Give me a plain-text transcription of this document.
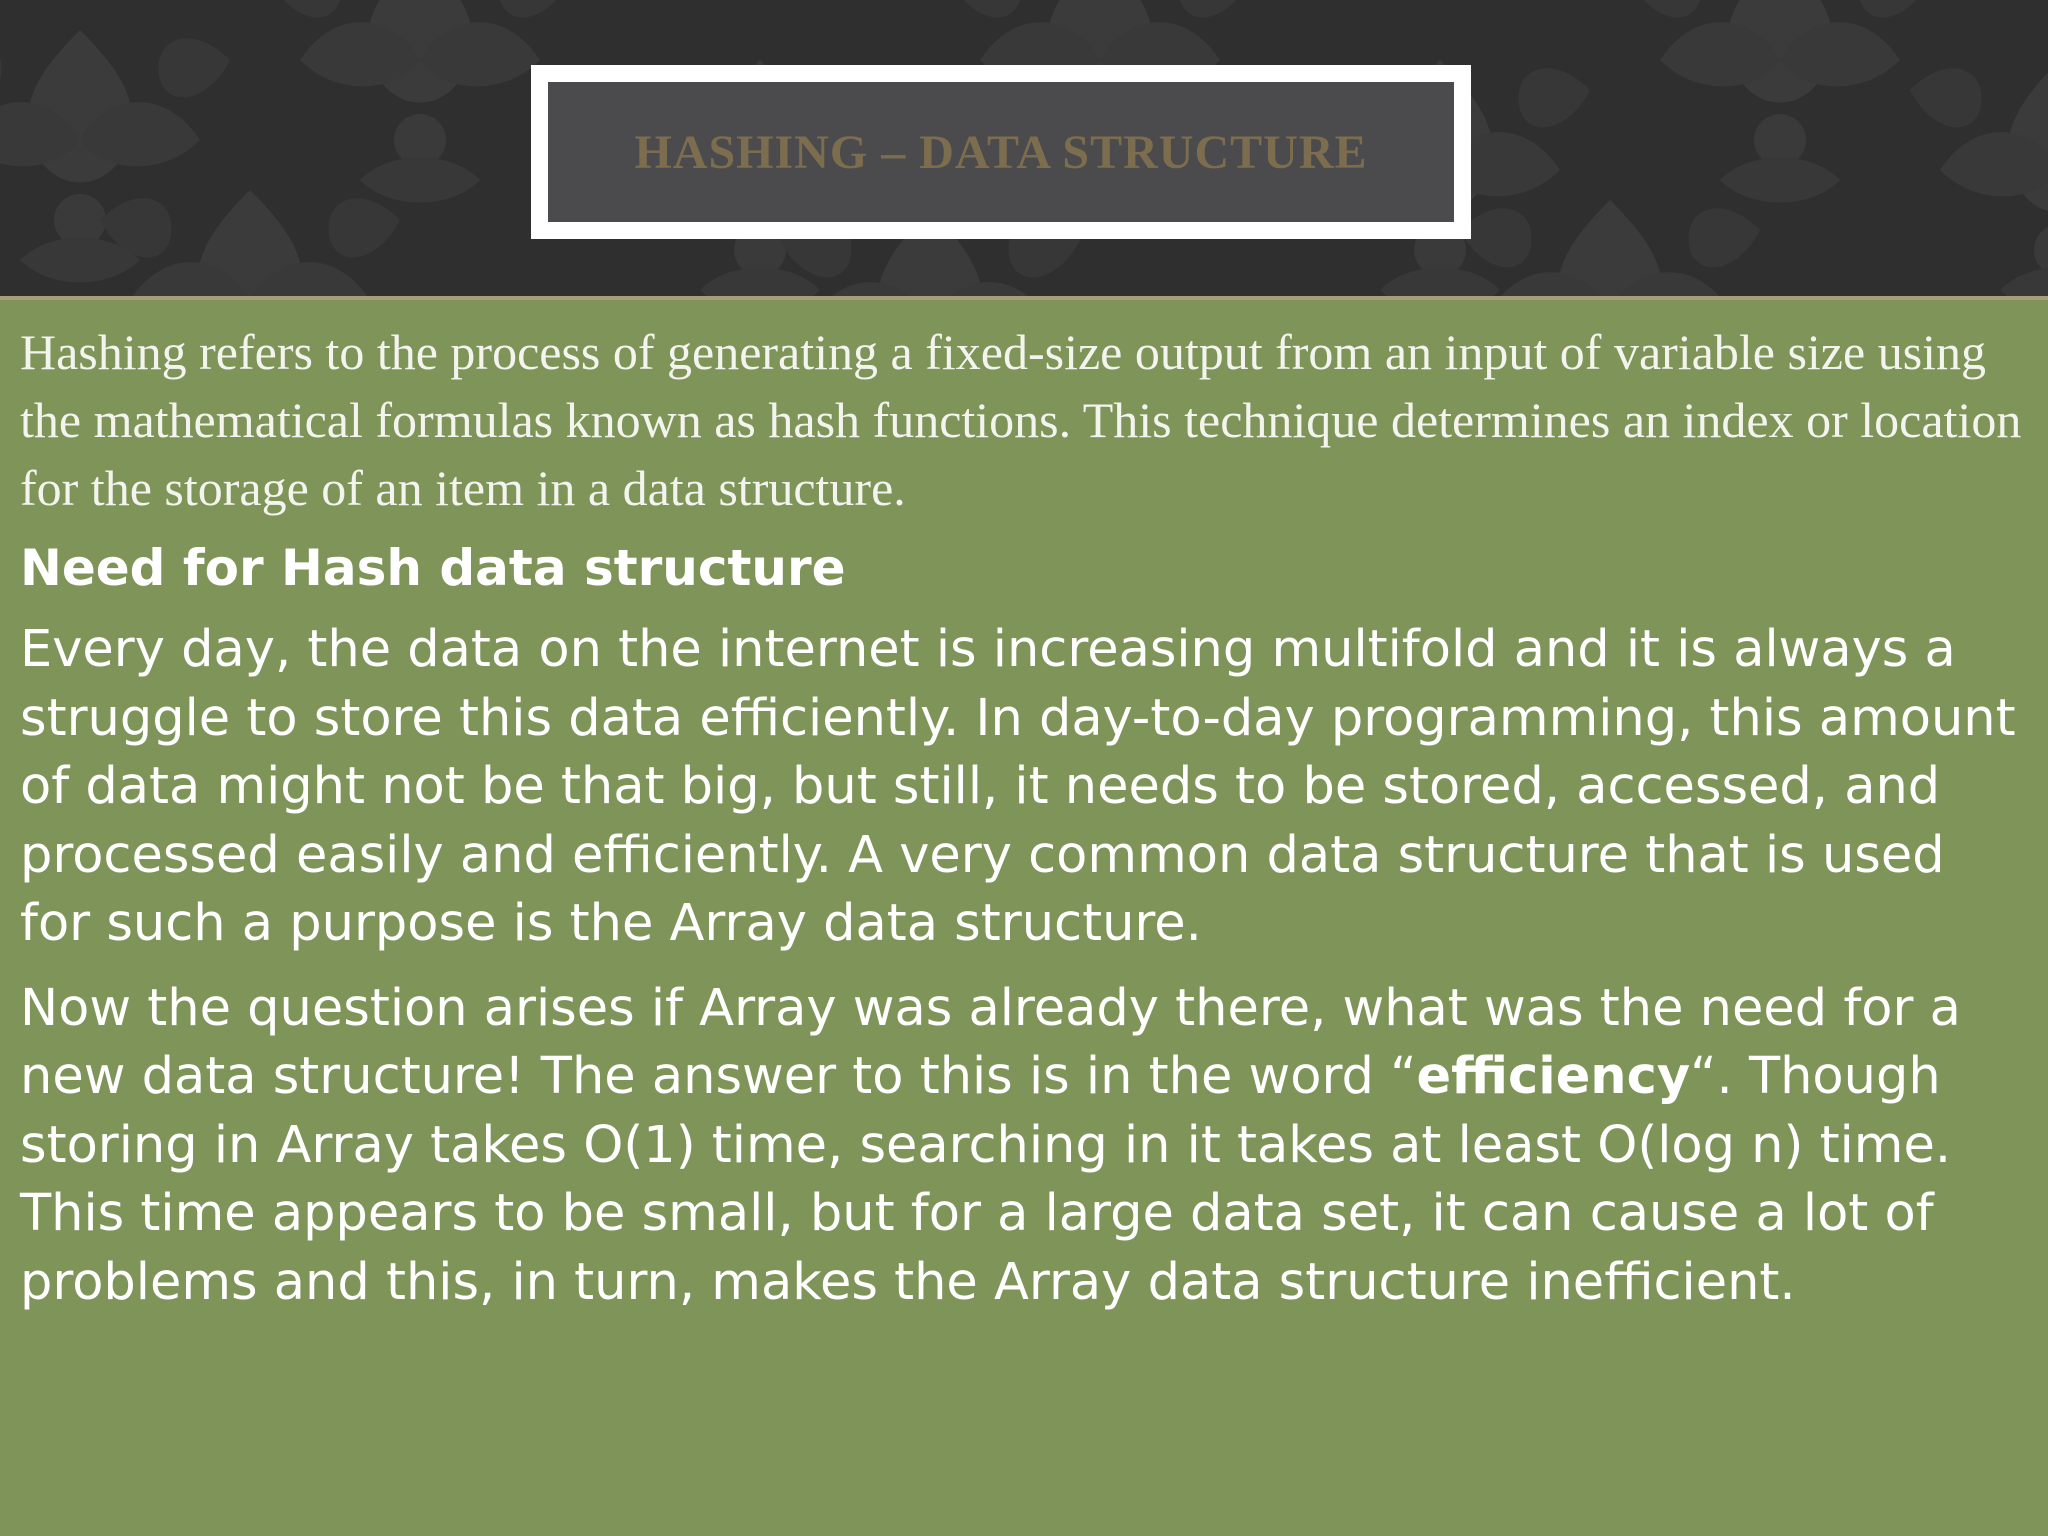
HASHING – DATA STRUCTURE

Hashing refers to the process of generating a fixed-size output from an input of variable size using the mathematical formulas known as hash functions. This technique determines an index or location for the storage of an item in a data structure.

Need for Hash data structure

Every day, the data on the internet is increasing multifold and it is always a struggle to store this data efficiently. In day-to-day programming, this amount of data might not be that big, but still, it needs to be stored, accessed, and processed easily and efficiently. A very common data structure that is used for such a purpose is the Array data structure.

Now the question arises if Array was already there, what was the need for a new data structure! The answer to this is in the word “efficiency“. Though storing in Array takes O(1) time, searching in it takes at least O(log n) time. This time appears to be small, but for a large data set, it can cause a lot of problems and this, in turn, makes the Array data structure inefficient.
